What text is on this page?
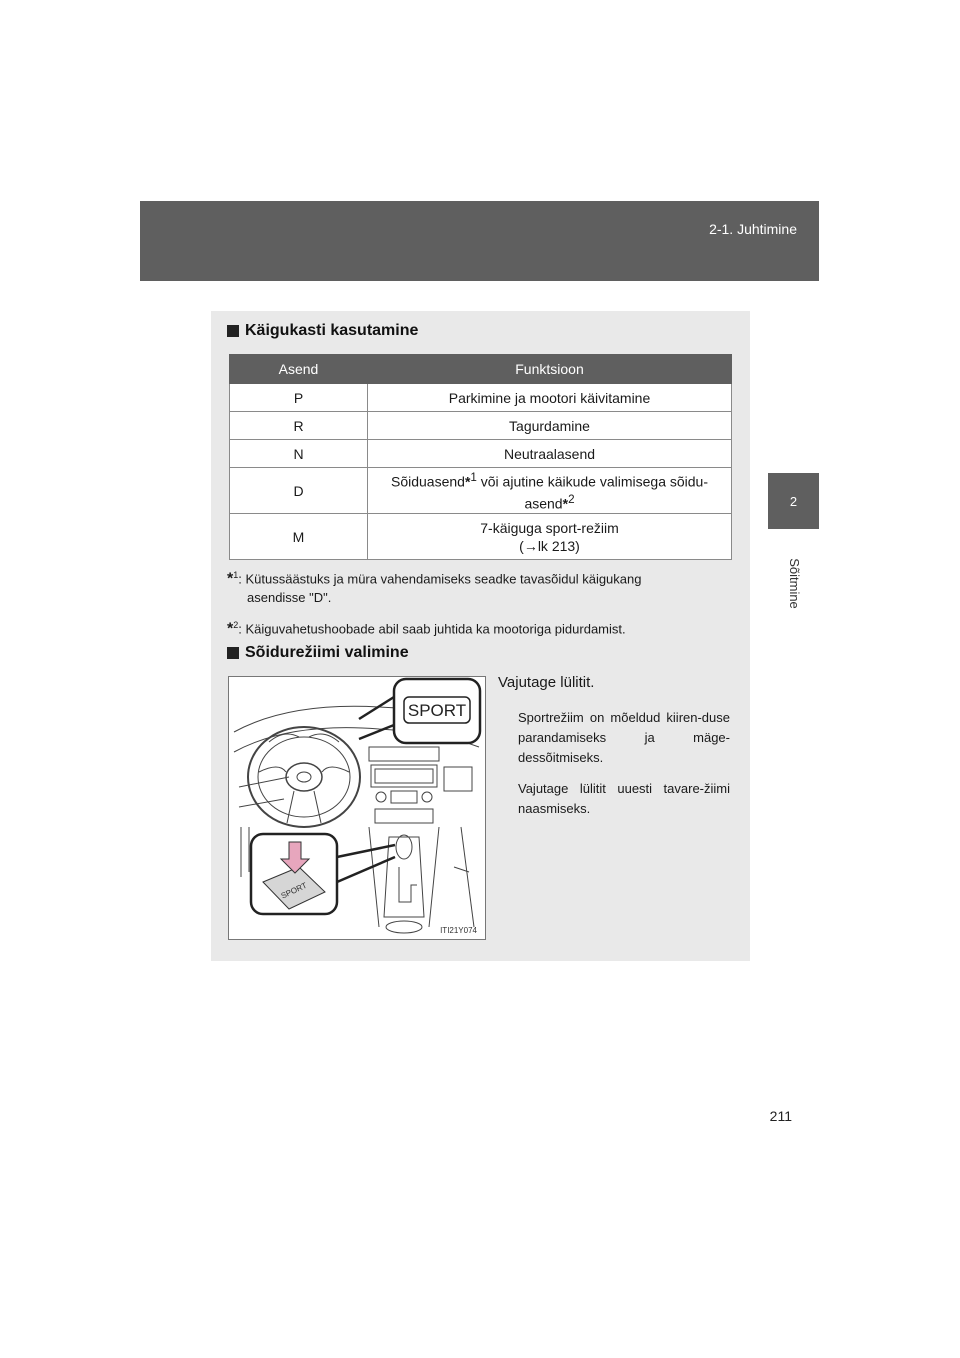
2-1. Juhtimine
2
Sõitmine
Käigukasti kasutamine
Asend	Funktsioon
P	Parkimine ja mootori käivitamine
R	Tagurdamine
N	Neutraalasend
D	Sõiduasend*$^1$ või ajutine käikude valimisega sõidu-
asend*$^2$
M	7-käiguga sport-režiim
(→lk 213)
*$^1$: Kütussäästuks ja müra vahendamiseks seadke tavasõidul käigukang
asendisse "D".
*$^2$: Käiguvahetushoobade abil saab juhtida ka mootoriga pidurdamist.
Sõidurežiimi valimine
SPORT
SPORT
ITI21Y074
Vajutage lülitit.
Sportrežiim on mõeldud kiiren-duse parandamiseks ja mäge-dessõitmiseks.
Vajutage lülitit uuesti tavare-žiimi naasmiseks.
211
